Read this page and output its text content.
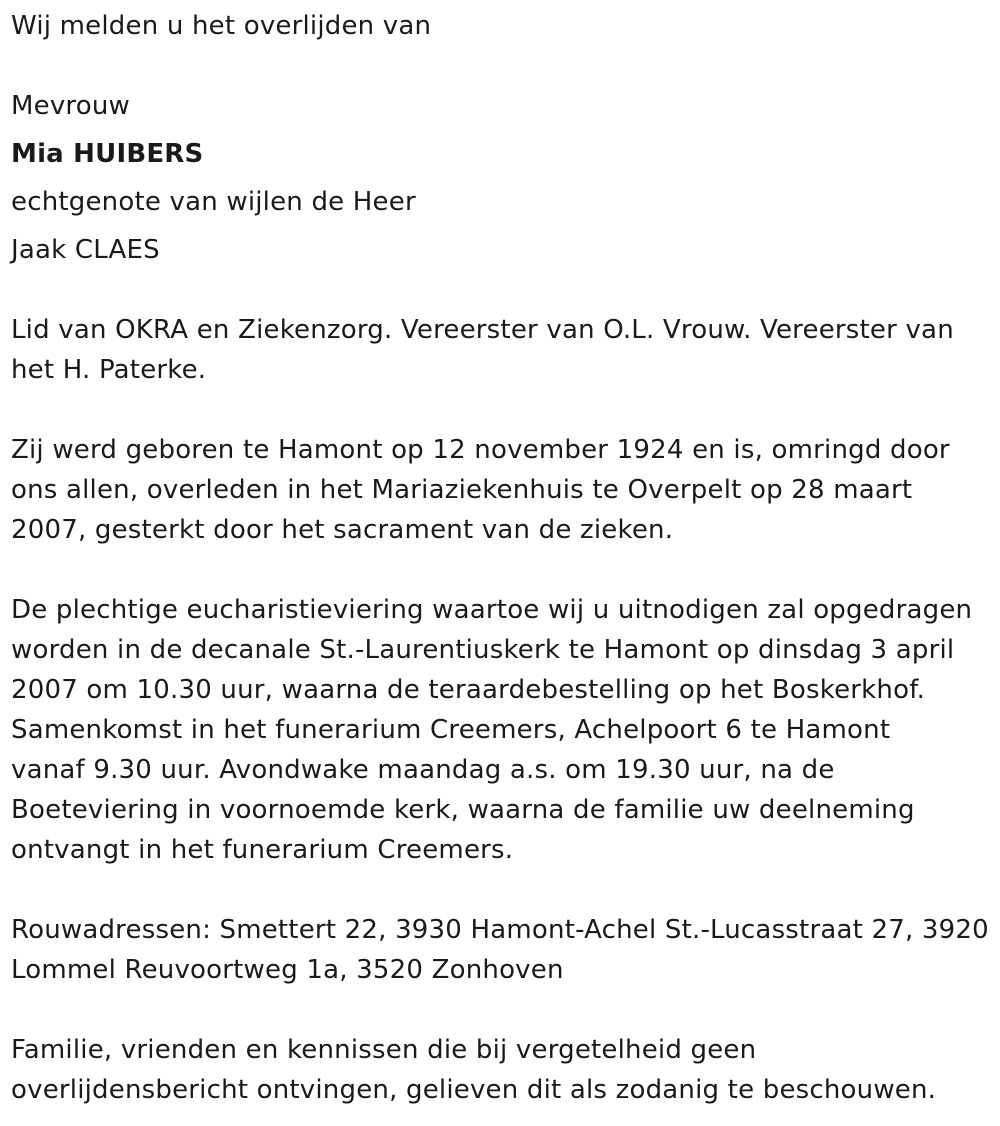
Wij melden u het overlijden van
Mevrouw
Mia HUIBERS
echtgenote van wijlen de Heer
Jaak CLAES
Lid van OKRA en Ziekenzorg. Vereerster van O.L. Vrouw. Vereerster van
het H. Paterke.
Zij werd geboren te Hamont op 12 november 1924 en is, omringd door
ons allen, overleden in het Mariaziekenhuis te Overpelt op 28 maart
2007, gesterkt door het sacrament van de zieken.
De plechtige eucharistieviering waartoe wij u uitnodigen zal opgedragen
worden in de decanale St.-Laurentiuskerk te Hamont op dinsdag 3 april
2007 om 10.30 uur, waarna de teraardebestelling op het Boskerkhof.
Samenkomst in het funerarium Creemers, Achelpoort 6 te Hamont
vanaf 9.30 uur. Avondwake maandag a.s. om 19.30 uur, na de
Boeteviering in voornoemde kerk, waarna de familie uw deelneming
ontvangt in het funerarium Creemers.
Rouwadressen: Smettert 22, 3930 Hamont-Achel St.-Lucasstraat 27, 3920
Lommel Reuvoortweg 1a, 3520 Zonhoven
Familie, vrienden en kennissen die bij vergetelheid geen
overlijdensbericht ontvingen, gelieven dit als zodanig te beschouwen.
